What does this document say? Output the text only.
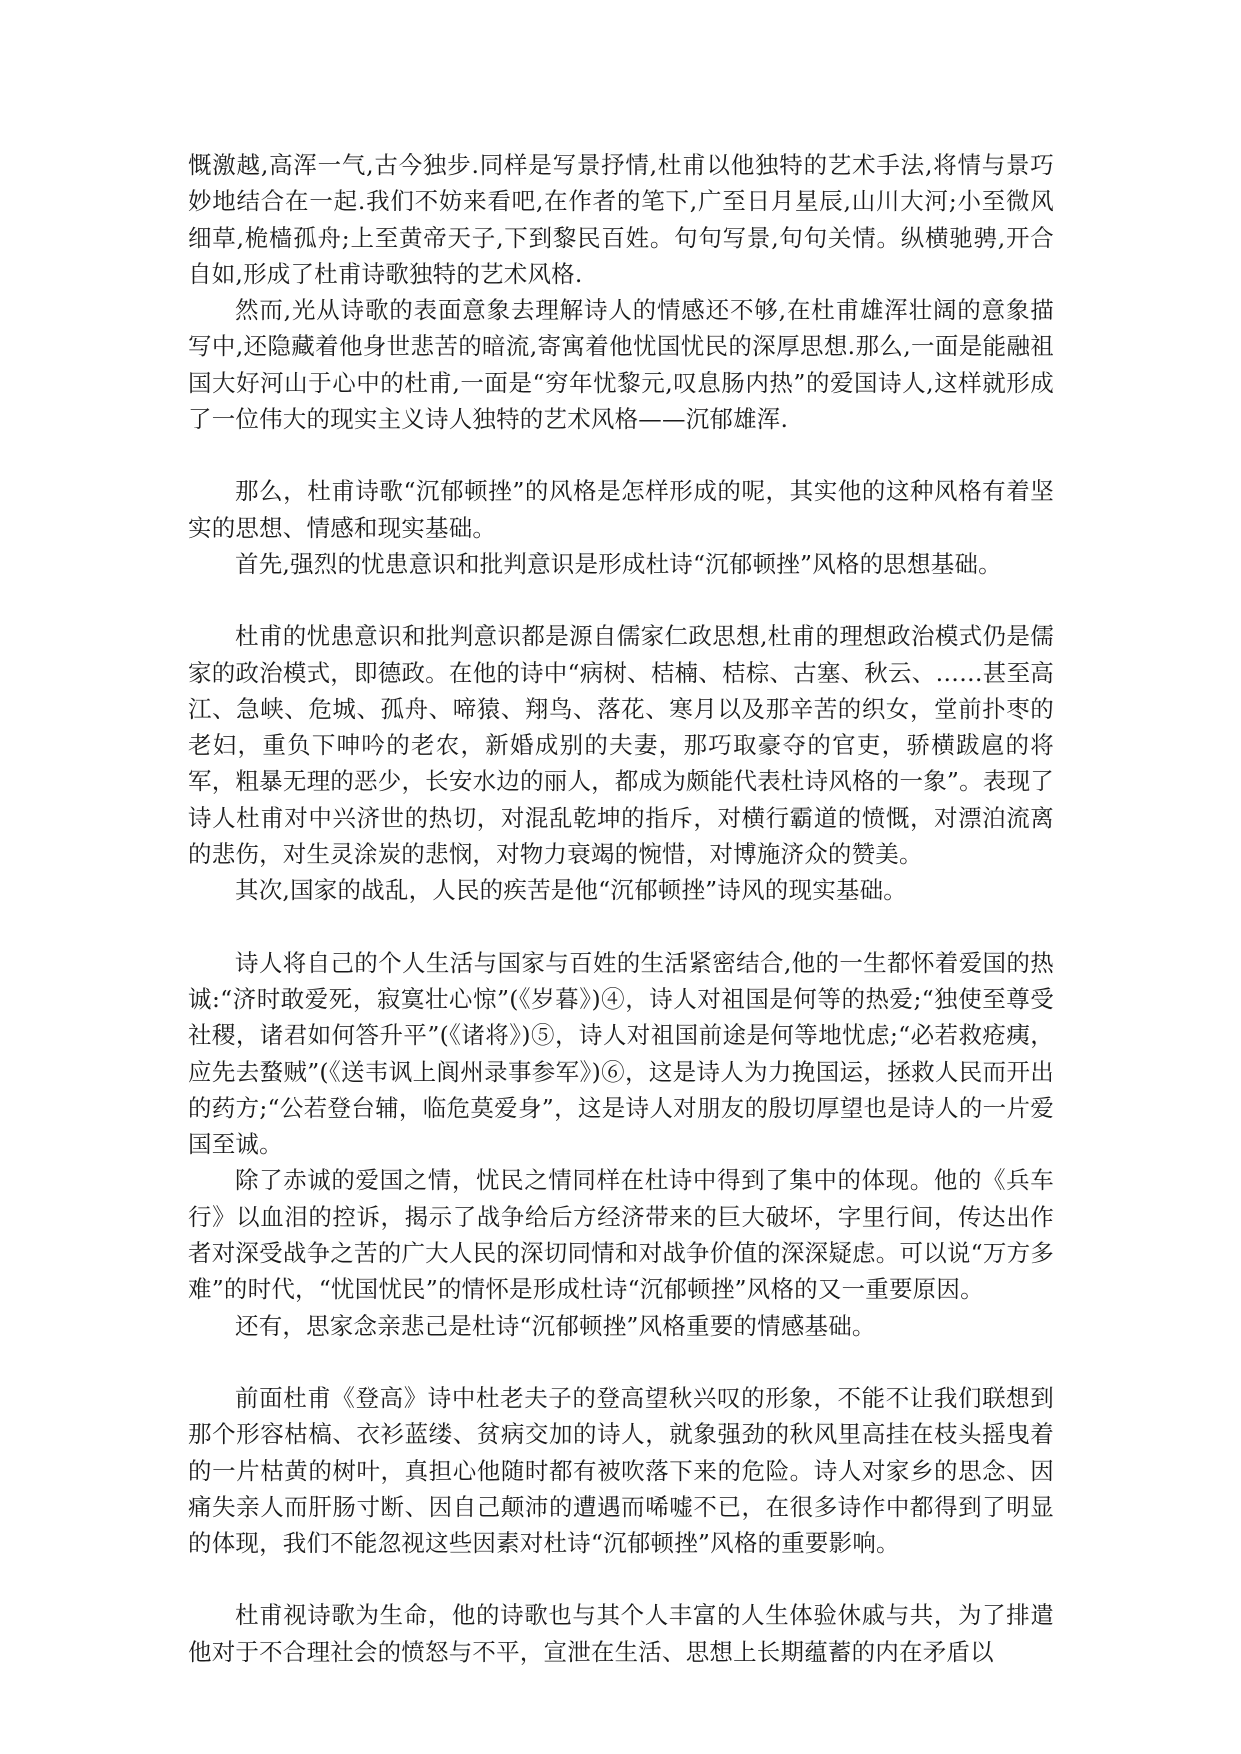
慨激越,高浑一气,古今独步.同样是写景抒情,杜甫以他独特的艺术手法,将情与景巧妙地结合在一起.我们不妨来看吧,在作者的笔下,广至日月星辰,山川大河;小至微风细草,桅樯孤舟;上至黄帝天子,下到黎民百姓。句句写景,句句关情。纵横驰骋,开合自如,形成了杜甫诗歌独特的艺术风格.

然而,光从诗歌的表面意象去理解诗人的情感还不够,在杜甫雄浑壮阔的意象描写中,还隐藏着他身世悲苦的暗流,寄寓着他忧国忧民的深厚思想.那么,一面是能融祖国大好河山于心中的杜甫,一面是“穷年忧黎元,叹息肠内热”的爱国诗人,这样就形成了一位伟大的现实主义诗人独特的艺术风格——沉郁雄浑.

那么，杜甫诗歌“沉郁顿挫”的风格是怎样形成的呢，其实他的这种风格有着坚实的思想、情感和现实基础。

首先,强烈的忧患意识和批判意识是形成杜诗“沉郁顿挫”风格的思想基础。

杜甫的忧患意识和批判意识都是源自儒家仁政思想,杜甫的理想政治模式仍是儒家的政治模式，即德政。在他的诗中“病树、桔楠、桔棕、古塞、秋云、……甚至高江、急峡、危城、孤舟、啼猿、翔鸟、落花、寒月以及那辛苦的织女，堂前扑枣的老妇，重负下呻吟的老农，新婚成别的夫妻，那巧取豪夺的官吏，骄横跋扈的将军，粗暴无理的恶少，长安水边的丽人，都成为颇能代表杜诗风格的一象”。表现了诗人杜甫对中兴济世的热切，对混乱乾坤的指斥，对横行霸道的愤慨，对漂泊流离的悲伤，对生灵涂炭的悲悯，对物力衰竭的惋惜，对博施济众的赞美。

其次,国家的战乱，人民的疾苦是他“沉郁顿挫”诗风的现实基础。

诗人将自己的个人生活与国家与百姓的生活紧密结合,他的一生都怀着爱国的热诚:“济时敢爱死，寂寞壮心惊”(《岁暮》)④，诗人对祖国是何等的热爱;“独使至尊受社稷，诸君如何答升平”(《诸将》)⑤，诗人对祖国前途是何等地忧虑;“必若救疮痍，应先去蝥贼”(《送韦讽上阆州录事参军》)⑥，这是诗人为力挽国运，拯救人民而开出的药方;“公若登台辅，临危莫爱身”，这是诗人对朋友的殷切厚望也是诗人的一片爱国至诚。

除了赤诚的爱国之情，忧民之情同样在杜诗中得到了集中的体现。他的《兵车行》以血泪的控诉，揭示了战争给后方经济带来的巨大破坏，字里行间，传达出作者对深受战争之苦的广大人民的深切同情和对战争价值的深深疑虑。可以说“万方多难”的时代，“忧国忧民”的情怀是形成杜诗“沉郁顿挫”风格的又一重要原因。

还有，思家念亲悲己是杜诗“沉郁顿挫”风格重要的情感基础。

前面杜甫《登高》诗中杜老夫子的登高望秋兴叹的形象，不能不让我们联想到那个形容枯槁、衣衫蓝缕、贫病交加的诗人，就象强劲的秋风里高挂在枝头摇曳着的一片枯黄的树叶，真担心他随时都有被吹落下来的危险。诗人对家乡的思念、因痛失亲人而肝肠寸断、因自己颠沛的遭遇而唏嘘不已，在很多诗作中都得到了明显的体现，我们不能忽视这些因素对杜诗“沉郁顿挫”风格的重要影响。

杜甫视诗歌为生命，他的诗歌也与其个人丰富的人生体验休戚与共，为了排遣他对于不合理社会的愤怒与不平，宣泄在生活、思想上长期蕴蓄的内在矛盾以
